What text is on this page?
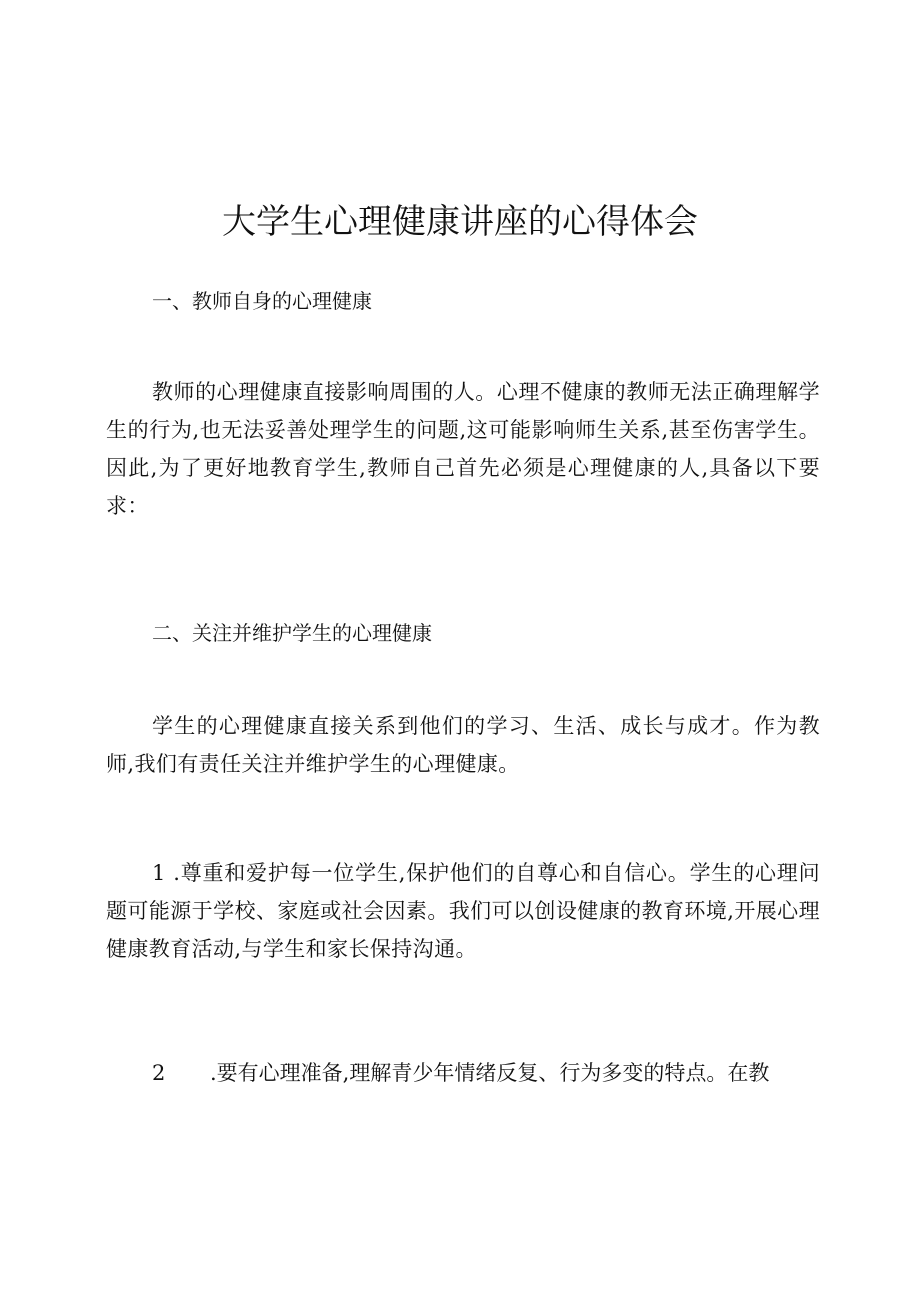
大学生心理健康讲座的心得体会
一、教师自身的心理健康

教师的心理健康直接影响周围的人。心理不健康的教师无法正确理解学生的行为,也无法妥善处理学生的问题,这可能影响师生关系,甚至伤害学生。因此,为了更好地教育学生,教师自己首先必须是心理健康的人,具备以下要求：

二、关注并维护学生的心理健康

学生的心理健康直接关系到他们的学习、生活、成长与成才。作为教师,我们有责任关注并维护学生的心理健康。

1 .尊重和爱护每一位学生,保护他们的自尊心和自信心。学生的心理问题可能源于学校、家庭或社会因素。我们可以创设健康的教育环境,开展心理健康教育活动,与学生和家长保持沟通。

2 .要有心理准备,理解青少年情绪反复、行为多变的特点。在教
